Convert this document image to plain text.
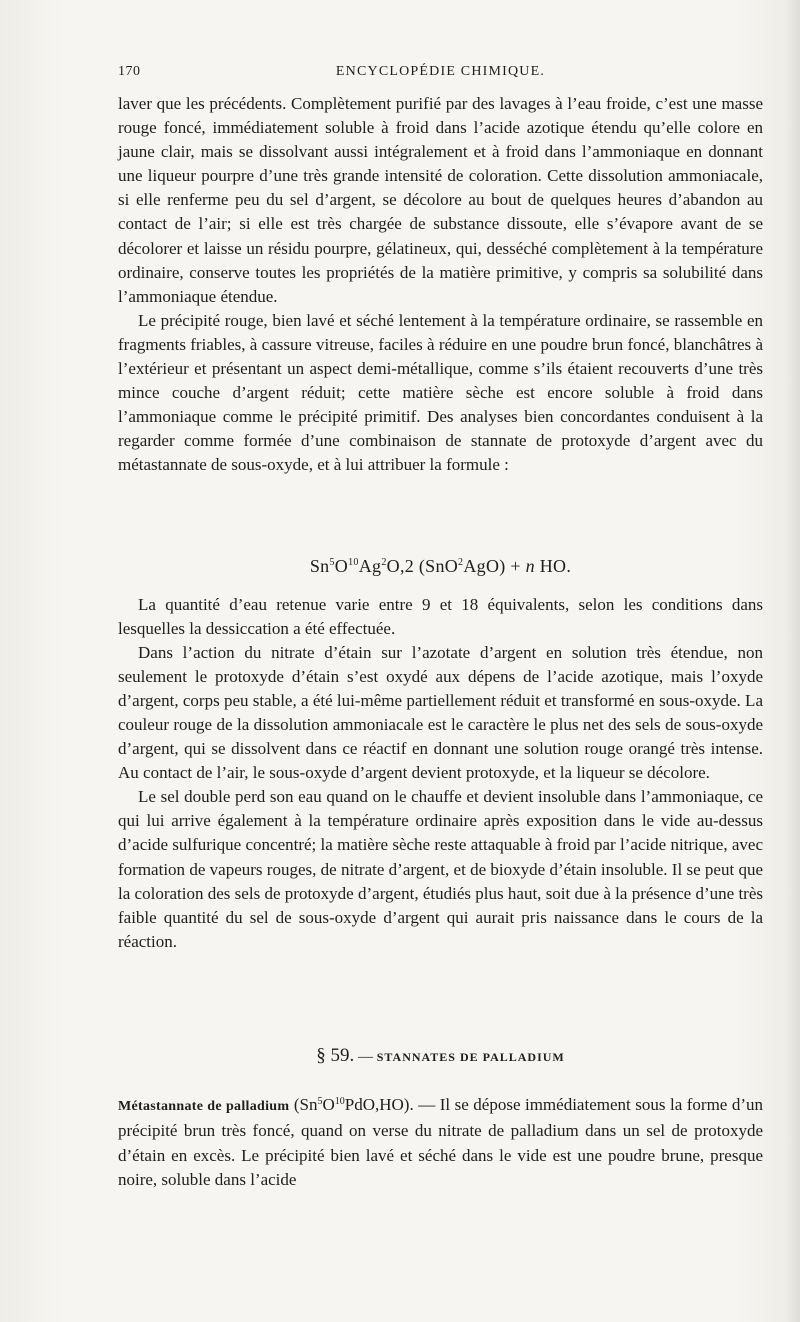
170	ENCYCLOPÉDIE CHIMIQUE.

laver que les précédents. Complètement purifié par des lavages à l’eau froide, c’est une masse rouge foncé, immédiatement soluble à froid dans l’acide azotique étendu qu’elle colore en jaune clair, mais se dissolvant aussi intégralement et à froid dans l’ammoniaque en donnant une liqueur pourpre d’une très grande intensité de coloration. Cette dissolution ammoniacale, si elle renferme peu du sel d’argent, se décolore au bout de quelques heures d’abandon au contact de l’air; si elle est très chargée de substance dissoute, elle s’évapore avant de se décolorer et laisse un résidu pourpre, gélatineux, qui, desséché complètement à la température ordinaire, conserve toutes les propriétés de la matière primitive, y compris sa solubilité dans l’ammoniaque étendue.

Le précipité rouge, bien lavé et séché lentement à la température ordinaire, se rassemble en fragments friables, à cassure vitreuse, faciles à réduire en une poudre brun foncé, blanchâtres à l’extérieur et présentant un aspect demi-métallique, comme s’ils étaient recouverts d’une très mince couche d’argent réduit; cette matière sèche est encore soluble à froid dans l’ammoniaque comme le précipité primitif. Des analyses bien concordantes conduisent à la regarder comme formée d’une combinaison de stannate de protoxyde d’argent avec du métastannate de sous-oxyde, et à lui attribuer la formule :

$Sn^5O^{10}Ag^2O,2$ (SnO$^2$AgO) + n HO.

La quantité d’eau retenue varie entre 9 et 18 équivalents, selon les conditions dans lesquelles la dessiccation a été effectuée.

Dans l’action du nitrate d’étain sur l’azotate d’argent en solution très étendue, non seulement le protoxyde d’étain s’est oxydé aux dépens de l’acide azotique, mais l’oxyde d’argent, corps peu stable, a été lui-même partiellement réduit et transformé en sous-oxyde. La couleur rouge de la dissolution ammoniacale est le caractère le plus net des sels de sous-oxyde d’argent, qui se dissolvent dans ce réactif en donnant une solution rouge orangé très intense. Au contact de l’air, le sous-oxyde d’argent devient protoxyde, et la liqueur se décolore.

Le sel double perd son eau quand on le chauffe et devient insoluble dans l’ammoniaque, ce qui lui arrive également à la température ordinaire après exposition dans le vide au-dessus d’acide sulfurique concentré; la matière sèche reste attaquable à froid par l’acide nitrique, avec formation de vapeurs rouges, de nitrate d’argent, et de bioxyde d’étain insoluble. Il se peut que la coloration des sels de protoxyde d’argent, étudiés plus haut, soit due à la présence d’une très faible quantité du sel de sous-oxyde d’argent qui aurait pris naissance dans le cours de la réaction.

§ 59. — STANNATES DE PALLADIUM

Métastannate de palladium $(Sn^5O^{10}PdO,HO)$. — Il se dépose immédiatement sous la forme d’un précipité brun très foncé, quand on verse du nitrate de palladium dans un sel de protoxyde d’étain en excès. Le précipité bien lavé et séché dans le vide est une poudre brune, presque noire, soluble dans l’acide
